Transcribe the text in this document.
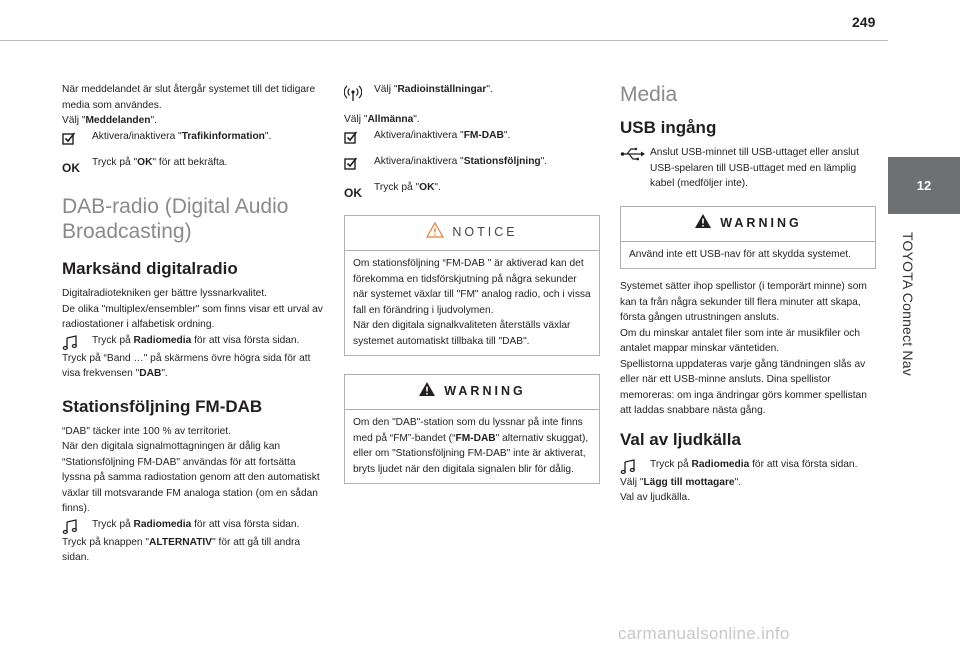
249
12
TOYOTA Connect Nav

När meddelandet är slut återgår systemet till det tidigare media som användes.

Välj "Meddelanden".

Aktivera/inaktivera "Trafikinformation".

OK	Tryck på "OK" för att bekräfta.

DAB-radio (Digital Audio Broadcasting)
Marksänd digitalradio

Digitalradiotekniken ger bättre lyssnarkvalitet.

De olika "multiplex/ensembler" som finns visar ett urval av radiostationer i alfabetisk ordning.

Tryck på Radiomedia för att visa första sidan.

Tryck på “Band …" på skärmens övre högra sida för att visa frekvensen "DAB".

Stationsföljning FM-DAB

“DAB" täcker inte 100 % av territoriet.

När den digitala signalmottagningen är dålig kan “Stationsföljning FM-DAB" användas för att fortsätta lyssna på samma radiostation genom att den automatiskt växlar till motsvarande FM analoga station (om en sådan finns).

Tryck på Radiomedia för att visa första sidan.

Tryck på knappen "ALTERNATIV" för att gå till andra sidan.

Välj "Radioinställningar".

Välj "Allmänna".

Aktivera/inaktivera "FM-DAB".

Aktivera/inaktivera "Stationsföljning".

OK	Tryck på "OK".

NOTICE

Om stationsföljning “FM-DAB " är aktiverad kan det förekomma en tidsförskjutning på några sekunder när systemet växlar till "FM" analog radio, och i vissa fall en förändring i ljudvolymen.

När den digitala signalkvaliteten återställs växlar systemet automatiskt tillbaka till "DAB".

WARNING

Om den "DAB"-station som du lyssnar på inte finns med på “FM”-bandet (“FM-DAB" alternativ skuggat), eller om "Stationsföljning FM-DAB" inte är aktiverat, bryts ljudet när den digitala signalen blir för dålig.

Media
USB ingång

Anslut USB-minnet till USB-uttaget eller anslut USB-spelaren till USB-uttaget med en lämplig kabel (medföljer inte).

WARNING

Använd inte ett USB-nav för att skydda systemet.

Systemet sätter ihop spellistor (i temporärt minne) som kan ta från några sekunder till flera minuter att skapa, första gången utrustningen ansluts.

Om du minskar antalet filer som inte är musikfiler och antalet mappar minskar väntetiden.

Spellistorna uppdateras varje gång tändningen slås av eller när ett USB-minne ansluts. Dina spellistor memoreras: om inga ändringar görs kommer spellistan att laddas snabbare nästa gång.

Val av ljudkälla

Tryck på Radiomedia för att visa första sidan.

Välj "Lägg till mottagare".

Val av ljudkälla.

carmanualsonline.info
